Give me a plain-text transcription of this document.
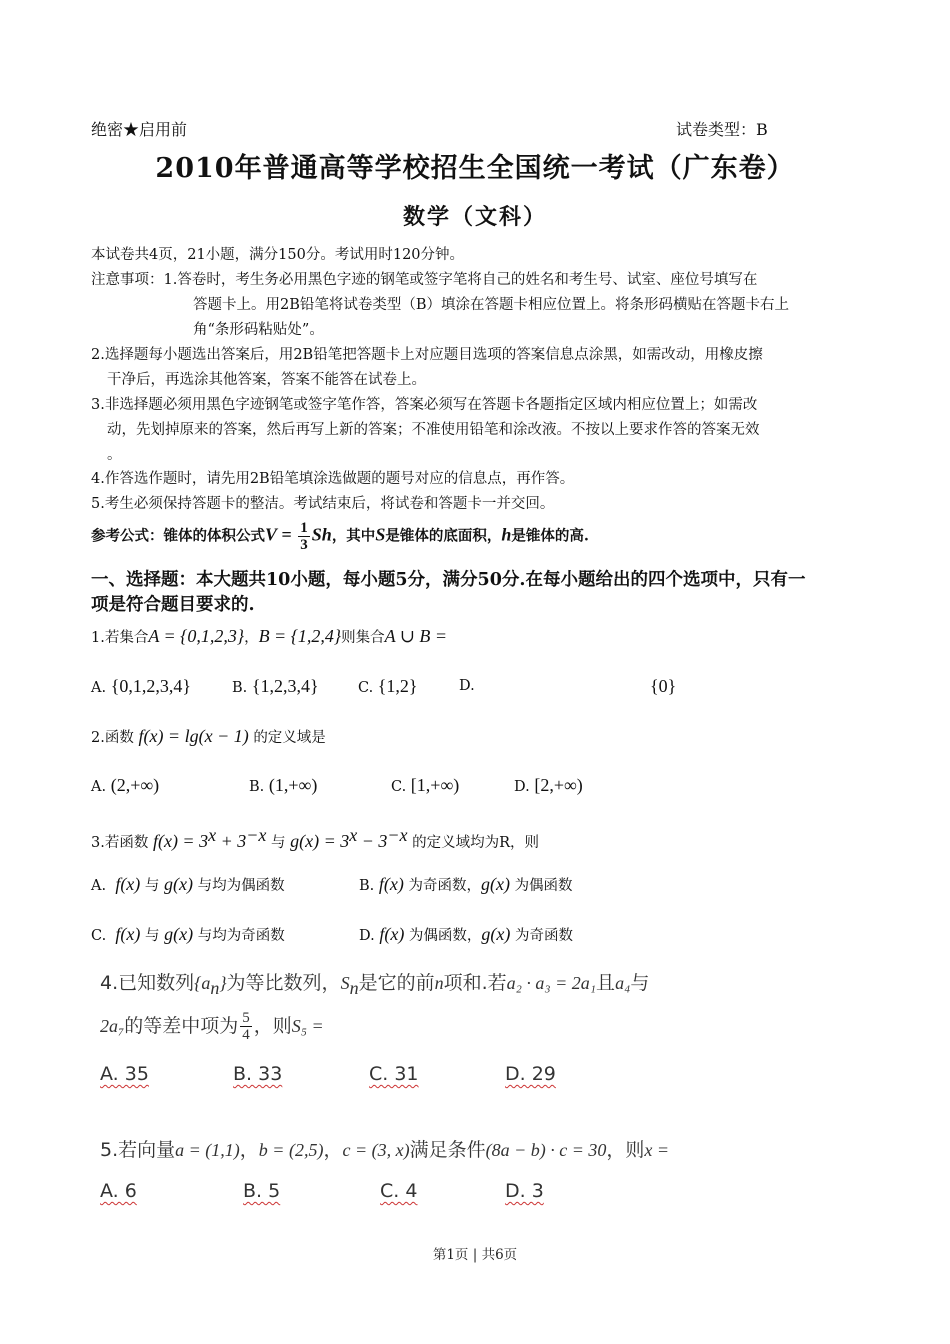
绝密★启用前	试卷类型：B
2010年普通高等学校招生全国统一考试（广东卷）
数学（文科）
本试卷共4页，21小题，满分150分。考试用时120分钟。
注意事项：1.答卷时，考生务必用黑色字迹的钢笔或签字笔将自己的姓名和考生号、试室、座位号填写在
答题卡上。用2B铅笔将试卷类型（B）填涂在答题卡相应位置上。将条形码横贴在答题卡右上
角“条形码粘贴处”。
2.选择题每小题选出答案后，用2B铅笔把答题卡上对应题目选项的答案信息点涂黑，如需改动，用橡皮擦
干净后，再选涂其他答案，答案不能答在试卷上。
3.非选择题必须用黑色字迹钢笔或签字笔作答，答案必须写在答题卡各题指定区域内相应位置上；如需改
动，先划掉原来的答案，然后再写上新的答案；不准使用铅笔和涂改液。不按以上要求作答的答案无效
。
4.作答选作题时，请先用2B铅笔填涂选做题的题号对应的信息点，再作答。
5.考生必须保持答题卡的整洁。考试结束后，将试卷和答题卡一并交回。
参考公式：锥体的体积公式$V = \frac{1}{3}$ Sh，其中S是锥体的底面积，h是锥体的高.
一、选择题：本大题共10小题，每小题5分，满分50分.在每小题给出的四个选项中，只有一
项是符合题目要求的.
1.若集合A = {0,1,2,3}，B = {1,2,4}则集合A ∪ B =
A. {0,1,2,3,4}	B. {1,2,3,4}	C. {1,2}	D.	{0}
2.函数 f(x) = lg(x − 1) 的定义域是
A. (2,+∞)	B. (1,+∞)	C. [1,+∞)	D. [2,+∞)
3.若函数 $f(x) = 3^x + 3^{-x}$ 与 $g(x) = 3^x - 3^{-x}$ 的定义域均为R，则
A. f(x) 与 g(x) 与均为偶函数	B. f(x) 为奇函数，g(x) 为偶函数
C. f(x) 与 g(x) 与均为奇函数	D. f(x) 为偶函数，g(x) 为奇函数
4.已知数列$\{a_n\}$为等比数列，$S_n$是它的前n项和.若a₂ · a₃ = 2a₁且a₄与
2a₇的等差中项为 $\frac{5}{4}$ ，则S₅ =
A. 35	B. 33	C. 31	D. 29
5.若向量a = (1,1)，b = (2,5)，c = (3, x)满足条件(8a − b) · c = 30，则x =
A. 6	B. 5	C. 4	D. 3
第1页 | 共6页
